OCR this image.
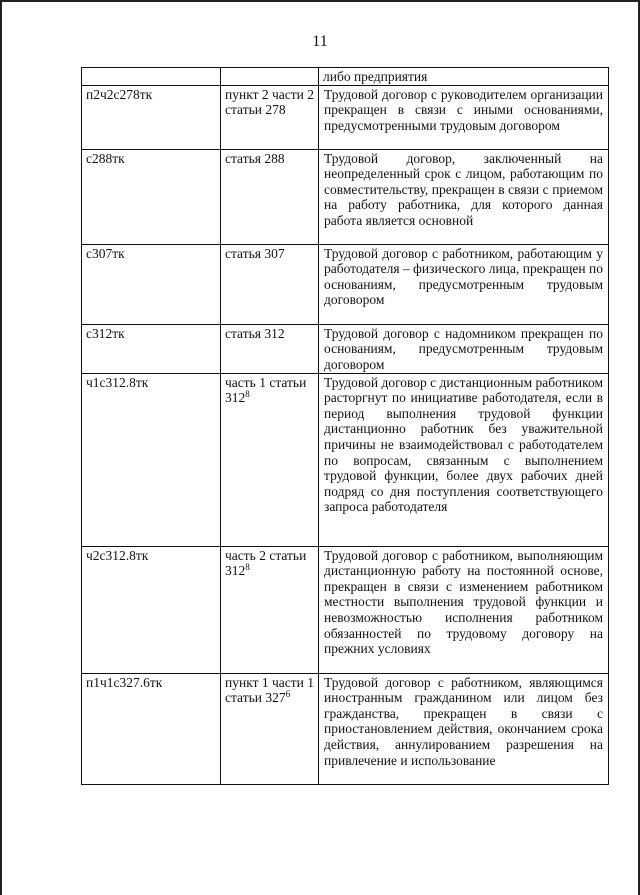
11
		либо предприятия
п2ч2с278тк	пункт 2 части 2 статьи 278	Трудовой договор с руководителем организации прекращен в связи с иными основаниями, предусмотренными трудовым договором
с288тк	статья 288	Трудовой договор, заключенный на неопределенный срок с лицом, работающим по совместительству, прекращен в связи с приемом на работу работника, для которого данная работа является основной
с307тк	статья 307	Трудовой договор с работником, работающим у работодателя – физического лица, прекращен по основаниям, предусмотренным трудовым договором
с312тк	статья 312	Трудовой договор с надомником прекращен по основаниям, предусмотренным трудовым договором
ч1с312.8тк	часть 1 статьи $312^8$	Трудовой договор с дистанционным работником расторгнут по инициативе работодателя, если в период выполнения трудовой функции дистанционно работник без уважительной причины не взаимодействовал с работодателем по вопросам, связанным с выполнением трудовой функции, более двух рабочих дней подряд со дня поступления соответствующего запроса работодателя
ч2с312.8тк	часть 2 статьи $312^8$	Трудовой договор с работником, выполняющим дистанционную работу на постоянной основе, прекращен в связи с изменением работником местности выполнения трудовой функции и невозможностью исполнения работником обязанностей по трудовому договору на прежних условиях
п1ч1с327.6тк	пункт 1 части 1 статьи $327^6$	Трудовой договор с работником, являющимся иностранным гражданином или лицом без гражданства, прекращен в связи с приостановлением действия, окончанием срока действия, аннулированием разрешения на привлечение и использование
